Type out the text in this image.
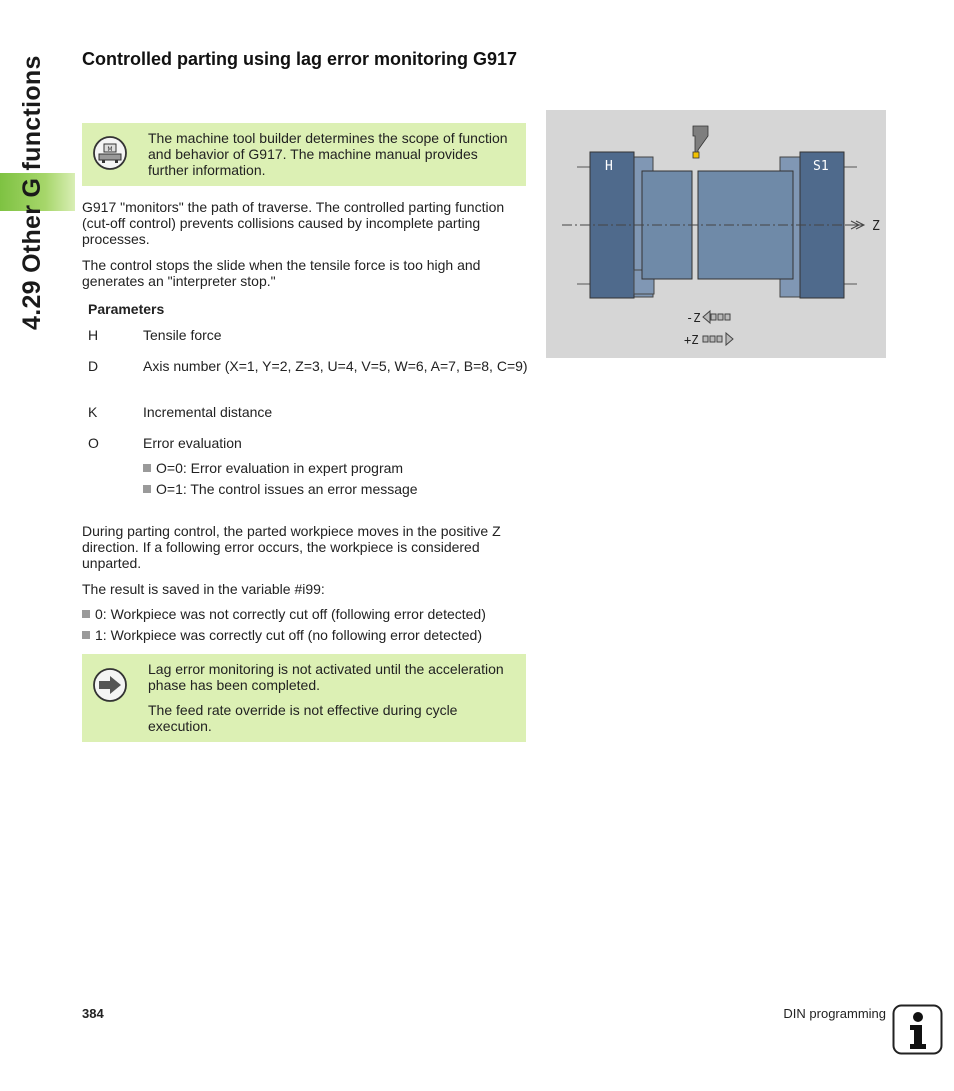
4.29 Other G functions Controlled parting using lag error monitoring G917
M
The machine tool builder determines the scope of function and behavior of G917. The machine manual provides further information.
G917 "monitors" the path of traverse. The controlled parting function (cut-off control) prevents collisions caused by incomplete parting processes.
The control stops the slide when the tensile force is too high and generates an "interpreter stop."
Parameters
H	Tensile force
D	Axis number (X=1, Y=2, Z=3, U=4, V=5, W=6, A=7, B=8, C=9)
K	Incremental distance
O	Error evaluation
O=0: Error evaluation in expert program
O=1: The control issues an error message
During parting control, the parted workpiece moves in the positive Z direction. If a following error occurs, the workpiece is considered unparted.
The result is saved in the variable #i99:
0: Workpiece was not correctly cut off (following error detected)
1: Workpiece was correctly cut off (no following error detected)
Lag error monitoring is not activated until the acceleration phase has been completed.
The feed rate override is not effective during cycle execution.
Z
H	S1
-Z
+Z
384	DIN programming
